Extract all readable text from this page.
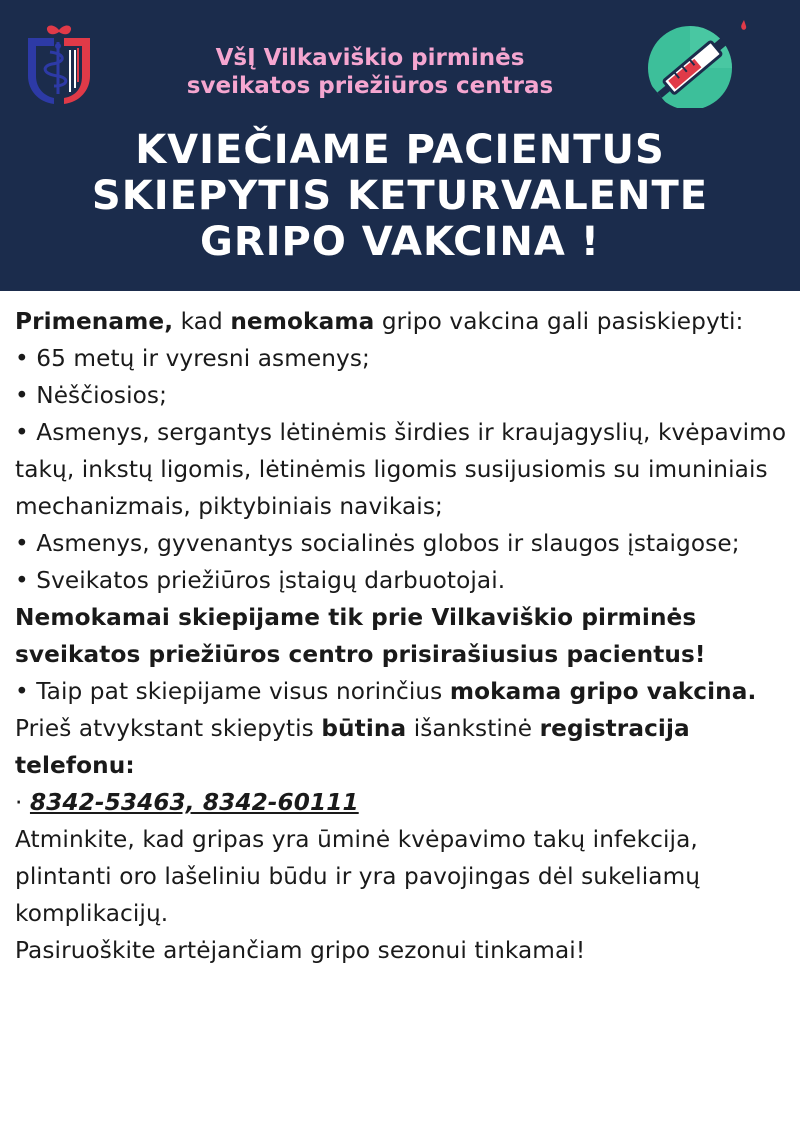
VšĮ Vilkaviškio pirminės
sveikatos priežiūros centras
KVIEČIAME PACIENTUS
SKIEPYTIS KETURVALENTE
GRIPO VAKCINA !

Primename, kad nemokama gripo vakcina gali pasiskiepyti:

• 65 metų ir vyresni asmenys;

• Nėščiosios;

• Asmenys, sergantys lėtinėmis širdies ir kraujagyslių, kvėpavimo takų, inkstų ligomis, lėtinėmis ligomis susijusiomis su imuniniais mechanizmais, piktybiniais navikais;

• Asmenys, gyvenantys socialinės globos ir slaugos įstaigose;

• Sveikatos priežiūros įstaigų darbuotojai.

Nemokamai skiepijame tik prie Vilkaviškio pirminės sveikatos priežiūros centro prisirašiusius pacientus!

• Taip pat skiepijame visus norinčius mokama gripo vakcina.

Prieš atvykstant skiepytis būtina išankstinė registracija telefonu:

· 8342-53463, 8342-60111

Atminkite, kad gripas yra ūminė kvėpavimo takų infekcija, plintanti oro lašeliniu būdu ir yra pavojingas dėl sukeliamų komplikacijų.

Pasiruoškite artėjančiam gripo sezonui tinkamai!
